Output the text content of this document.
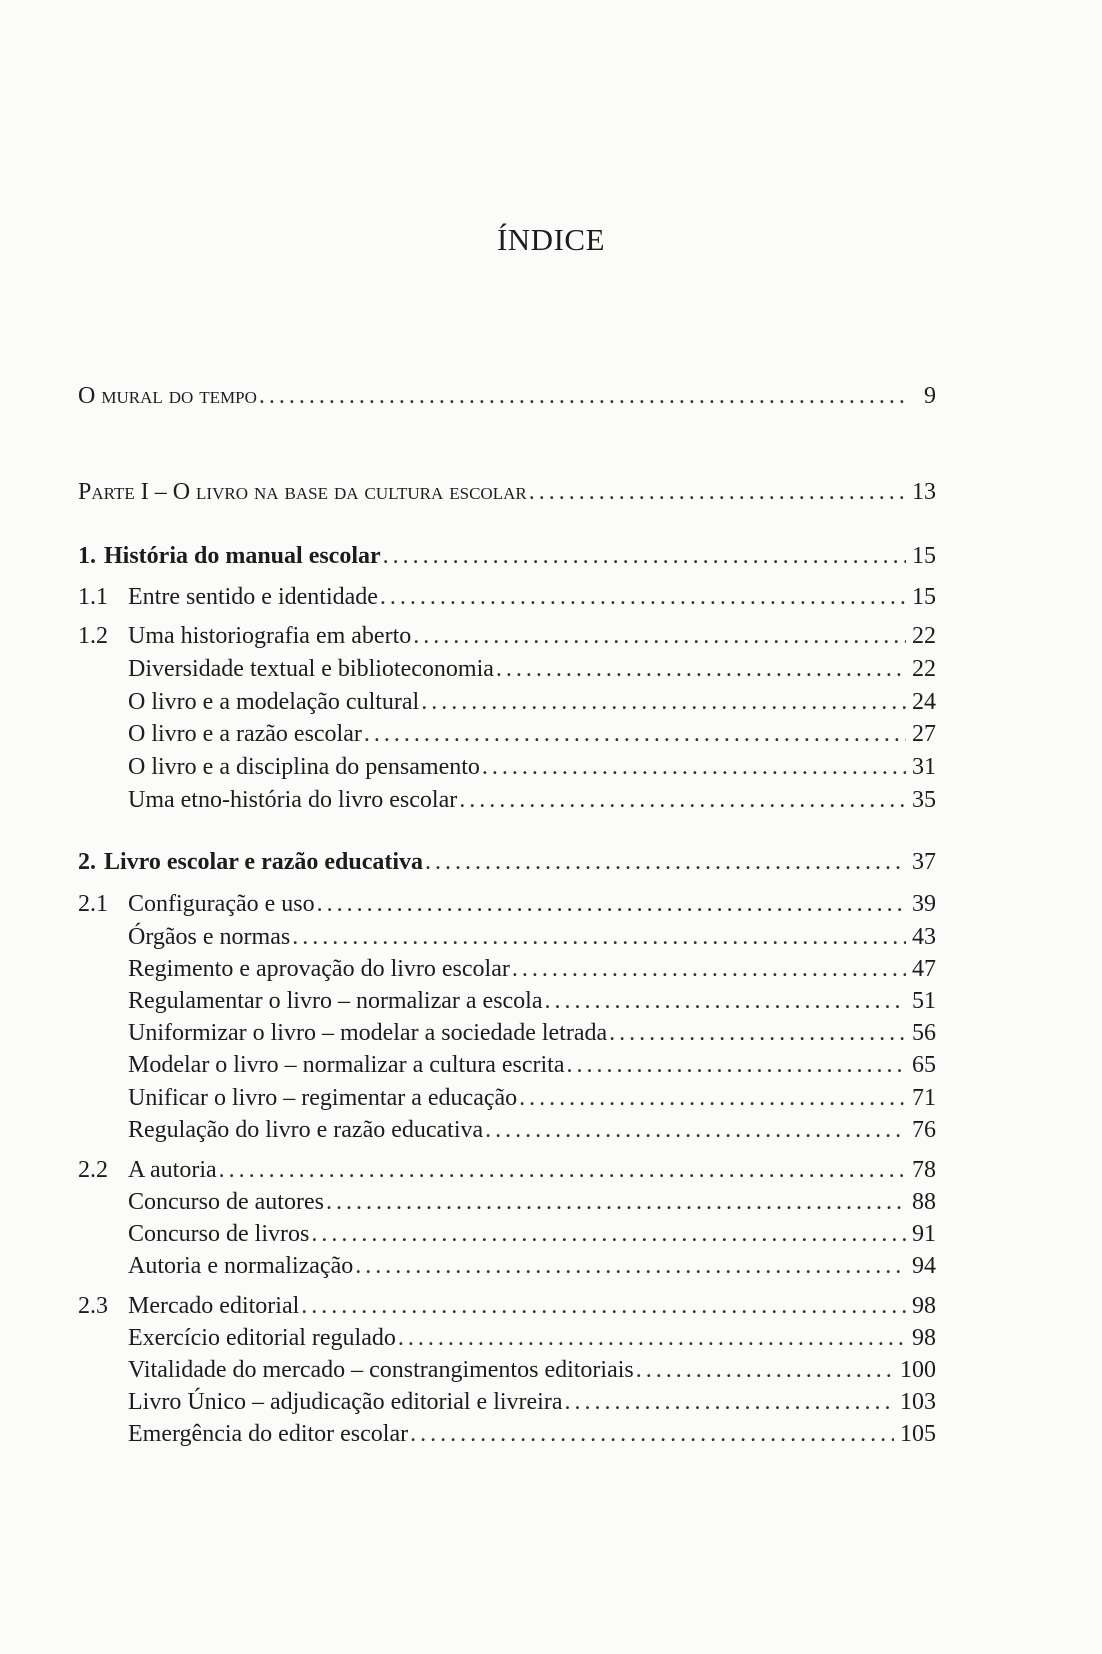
ÍNDICE
O mural do tempo . . .	9
Parte I – O livro na base da cultura escolar . . .	13
1. História do manual escolar . . .	15
1.1 Entre sentido e identidade . . .	15
1.2 Uma historiografia em aberto . . .	22
Diversidade textual e biblioteconomia . . .	22
O livro e a modelação cultural . . .	24
O livro e a razão escolar . . .	27
O livro e a disciplina do pensamento . . .	31
Uma etno-história do livro escolar . . .	35
2. Livro escolar e razão educativa . . .	37
2.1 Configuração e uso . . .	39
Órgãos e normas . . .	43
Regimento e aprovação do livro escolar . . .	47
Regulamentar o livro – normalizar a escola . . .	51
Uniformizar o livro – modelar a sociedade letrada . . .	56
Modelar o livro – normalizar a cultura escrita . . .	65
Unificar o livro – regimentar a educação . . .	71
Regulação do livro e razão educativa . . .	76
2.2 A autoria . . .	78
Concurso de autores . . .	88
Concurso de livros . . .	91
Autoria e normalização . . .	94
2.3 Mercado editorial . . .	98
Exercício editorial regulado . . .	98
Vitalidade do mercado – constrangimentos editoriais . . .	100
Livro Único – adjudicação editorial e livreira . . .	103
Emergência do editor escolar . . .	105
